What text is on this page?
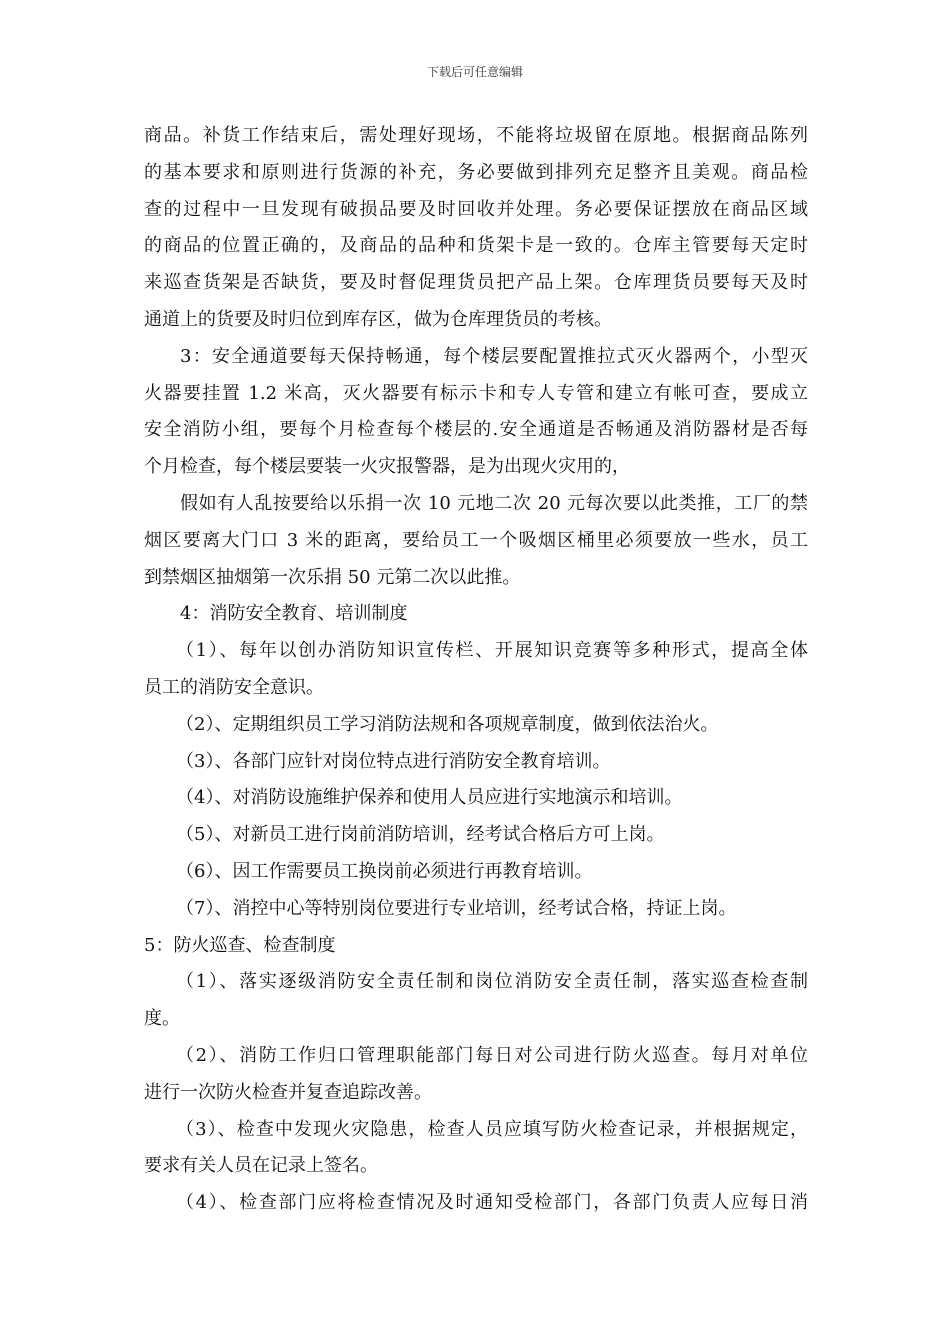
下载后可任意编辑
商品。补货工作结束后，需处理好现场，不能将垃圾留在原地。根据商品陈列
的基本要求和原则进行货源的补充，务必要做到排列充足整齐且美观。商品检
查的过程中一旦发现有破损品要及时回收并处理。务必要保证摆放在商品区域
的商品的位置正确的，及商品的品种和货架卡是一致的。仓库主管要每天定时
来巡查货架是否缺货，要及时督促理货员把产品上架。仓库理货员要每天及时
通道上的货要及时归位到库存区，做为仓库理货员的考核。
3：安全通道要每天保持畅通，每个楼层要配置推拉式灭火器两个，小型灭
火器要挂置 1.2 米高，灭火器要有标示卡和专人专管和建立有帐可查，要成立
安全消防小组，要每个月检查每个楼层的.安全通道是否畅通及消防器材是否每
个月检查，每个楼层要装一火灾报警器，是为出现火灾用的，
假如有人乱按要给以乐捐一次 10 元地二次 20 元每次要以此类推，工厂的禁
烟区要离大门口 3 米的距离，要给员工一个吸烟区桶里必须要放一些水，员工
到禁烟区抽烟第一次乐捐 50 元第二次以此推。
4：消防安全教育、培训制度
（1）、每年以创办消防知识宣传栏、开展知识竞赛等多种形式，提高全体
员工的消防安全意识。
（2）、定期组织员工学习消防法规和各项规章制度，做到依法治火。
（3）、各部门应针对岗位特点进行消防安全教育培训。
（4）、对消防设施维护保养和使用人员应进行实地演示和培训。
（5）、对新员工进行岗前消防培训，经考试合格后方可上岗。
（6）、因工作需要员工换岗前必须进行再教育培训。
（7）、消控中心等特别岗位要进行专业培训，经考试合格，持证上岗。
5：防火巡查、检查制度
（1）、落实逐级消防安全责任制和岗位消防安全责任制，落实巡查检查制
度。
（2）、消防工作归口管理职能部门每日对公司进行防火巡查。每月对单位
进行一次防火检查并复查追踪改善。
（3）、检查中发现火灾隐患，检查人员应填写防火检查记录，并根据规定，
要求有关人员在记录上签名。
（4）、检查部门应将检查情况及时通知受检部门，各部门负责人应每日消
